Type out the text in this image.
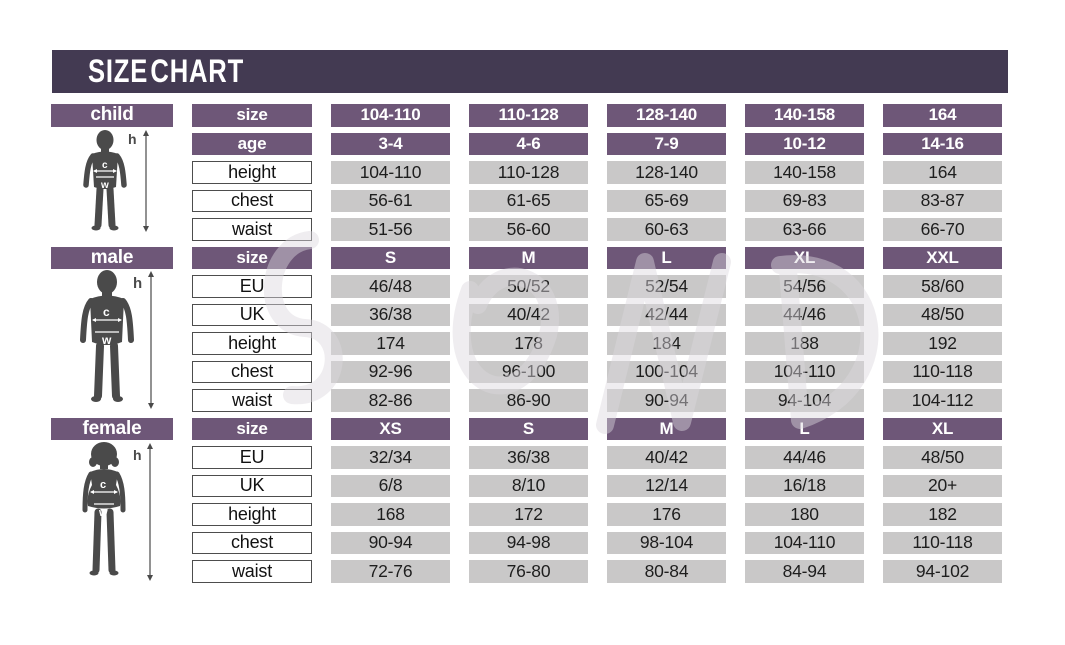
SIZE CHART
child	size	104-110	110-128	128-140	140-158	164
age	3-4	4-6	7-9	10-12	14-16
height	104-110	110-128	128-140	140-158	164
chest	56-61	61-65	65-69	69-83	83-87
waist	51-56	56-60	60-63	63-66	66-70
male	size	S	M	L	XL	XXL
EU	46/48	50/52	52/54	54/56	58/60
UK	36/38	40/42	42/44	44/46	48/50
height	174	178	184	188	192
chest	92-96	96-100	100-104	104-110	110-118
waist	82-86	86-90	90-94	94-104	104-112
female	size	XS	S	M	L	XL
EU	32/34	36/38	40/42	44/46	48/50
UK	6/8	8/10	12/14	16/18	20+
height	168	172	176	180	182
chest	90-94	94-98	98-104	104-110	110-118
waist	72-76	76-80	80-84	84-94	94-102
h
c
w
h
c
w
h
c
w
